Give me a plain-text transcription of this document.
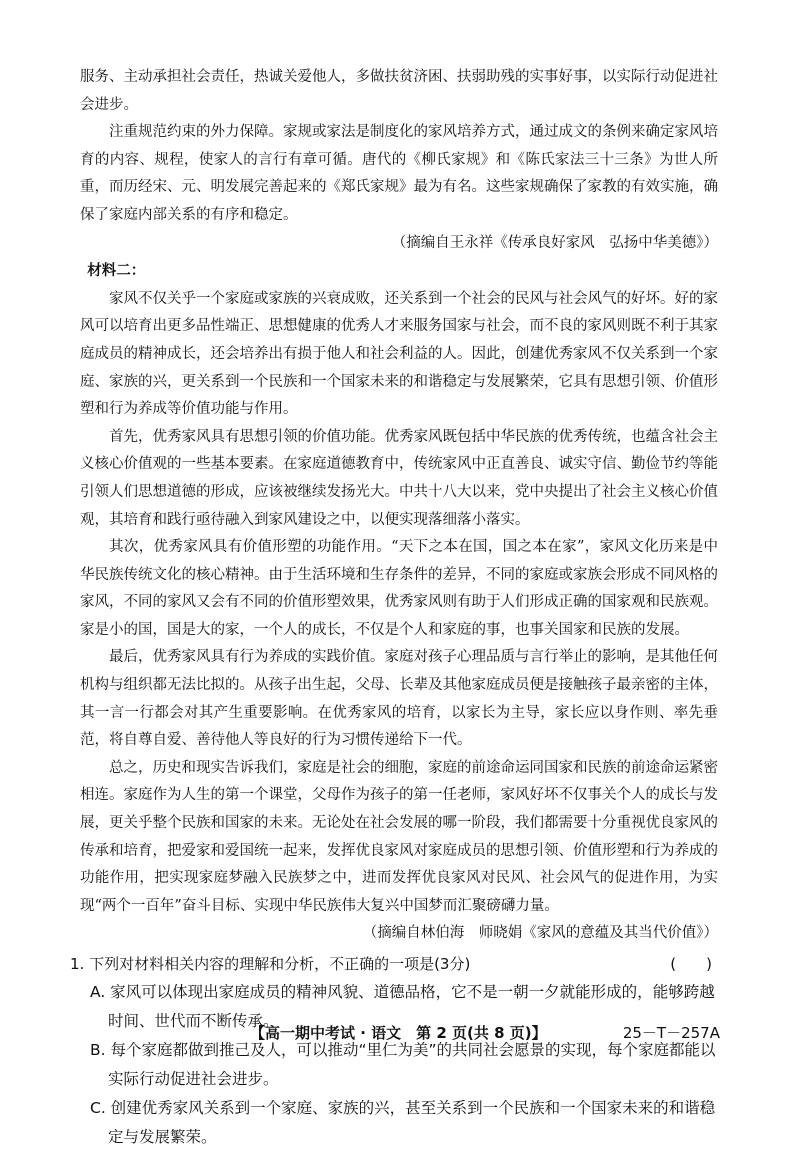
服务、主动承担社会责任，热诚关爱他人，多做扶贫济困、扶弱助残的实事好事，以实际行动促进社会进步。

注重规范约束的外力保障。家规或家法是制度化的家风培养方式，通过成文的条例来确定家风培育的内容、规程，使家人的言行有章可循。唐代的《柳氏家规》和《陈氏家法三十三条》为世人所重，而历经宋、元、明发展完善起来的《郑氏家规》最为有名。这些家规确保了家教的有效实施，确保了家庭内部关系的有序和稳定。

（摘编自王永祥《传承良好家风　弘扬中华美德》）

材料二：

家风不仅关乎一个家庭或家族的兴衰成败，还关系到一个社会的民风与社会风气的好坏。好的家风可以培育出更多品性端正、思想健康的优秀人才来服务国家与社会，而不良的家风则既不利于其家庭成员的精神成长，还会培养出有损于他人和社会利益的人。因此，创建优秀家风不仅关系到一个家庭、家族的兴，更关系到一个民族和一个国家未来的和谐稳定与发展繁荣，它具有思想引领、价值形塑和行为养成等价值功能与作用。

首先，优秀家风具有思想引领的价值功能。优秀家风既包括中华民族的优秀传统，也蕴含社会主义核心价值观的一些基本要素。在家庭道德教育中，传统家风中正直善良、诚实守信、勤俭节约等能引领人们思想道德的形成，应该被继续发扬光大。中共十八大以来，党中央提出了社会主义核心价值观，其培育和践行亟待融入到家风建设之中，以便实现落细落小落实。

其次，优秀家风具有价值形塑的功能作用。“天下之本在国，国之本在家”，家风文化历来是中华民族传统文化的核心精神。由于生活环境和生存条件的差异，不同的家庭或家族会形成不同风格的家风，不同的家风又会有不同的价值形塑效果，优秀家风则有助于人们形成正确的国家观和民族观。家是小的国，国是大的家，一个人的成长，不仅是个人和家庭的事，也事关国家和民族的发展。

最后，优秀家风具有行为养成的实践价值。家庭对孩子心理品质与言行举止的影响，是其他任何机构与组织都无法比拟的。从孩子出生起，父母、长辈及其他家庭成员便是接触孩子最亲密的主体，其一言一行都会对其产生重要影响。在优秀家风的培育，以家长为主导，家长应以身作则、率先垂范，将自尊自爱、善待他人等良好的行为习惯传递给下一代。

总之，历史和现实告诉我们，家庭是社会的细胞，家庭的前途命运同国家和民族的前途命运紧密相连。家庭作为人生的第一个课堂，父母作为孩子的第一任老师，家风好坏不仅事关个人的成长与发展，更关乎整个民族和国家的未来。无论处在社会发展的哪一阶段，我们都需要十分重视优良家风的传承和培育，把爱家和爱国统一起来，发挥优良家风对家庭成员的思想引领、价值形塑和行为养成的功能作用，把实现家庭梦融入民族梦之中，进而发挥优良家风对民风、社会风气的促进作用，为实现“两个一百年”奋斗目标、实现中华民族伟大复兴中国梦而汇聚磅礴力量。

（摘编自林伯海　师晓娟《家风的意蕴及其当代价值》）

1. 下列对材料相关内容的理解和分析，不正确的一项是(3分)	(　　)
A. 家风可以体现出家庭成员的精神风貌、道德品格，它不是一朝一夕就能形成的，能够跨越时间、世代而不断传承。
B. 每个家庭都做到推己及人，可以推动“里仁为美”的共同社会愿景的实现，每个家庭都能以实际行动促进社会进步。
C. 创建优秀家风关系到一个家庭、家族的兴，甚至关系到一个民族和一个国家未来的和谐稳定与发展繁荣。
【高一期中考试 · 语文　第 2 页(共 8 页)】	25－T－257A
